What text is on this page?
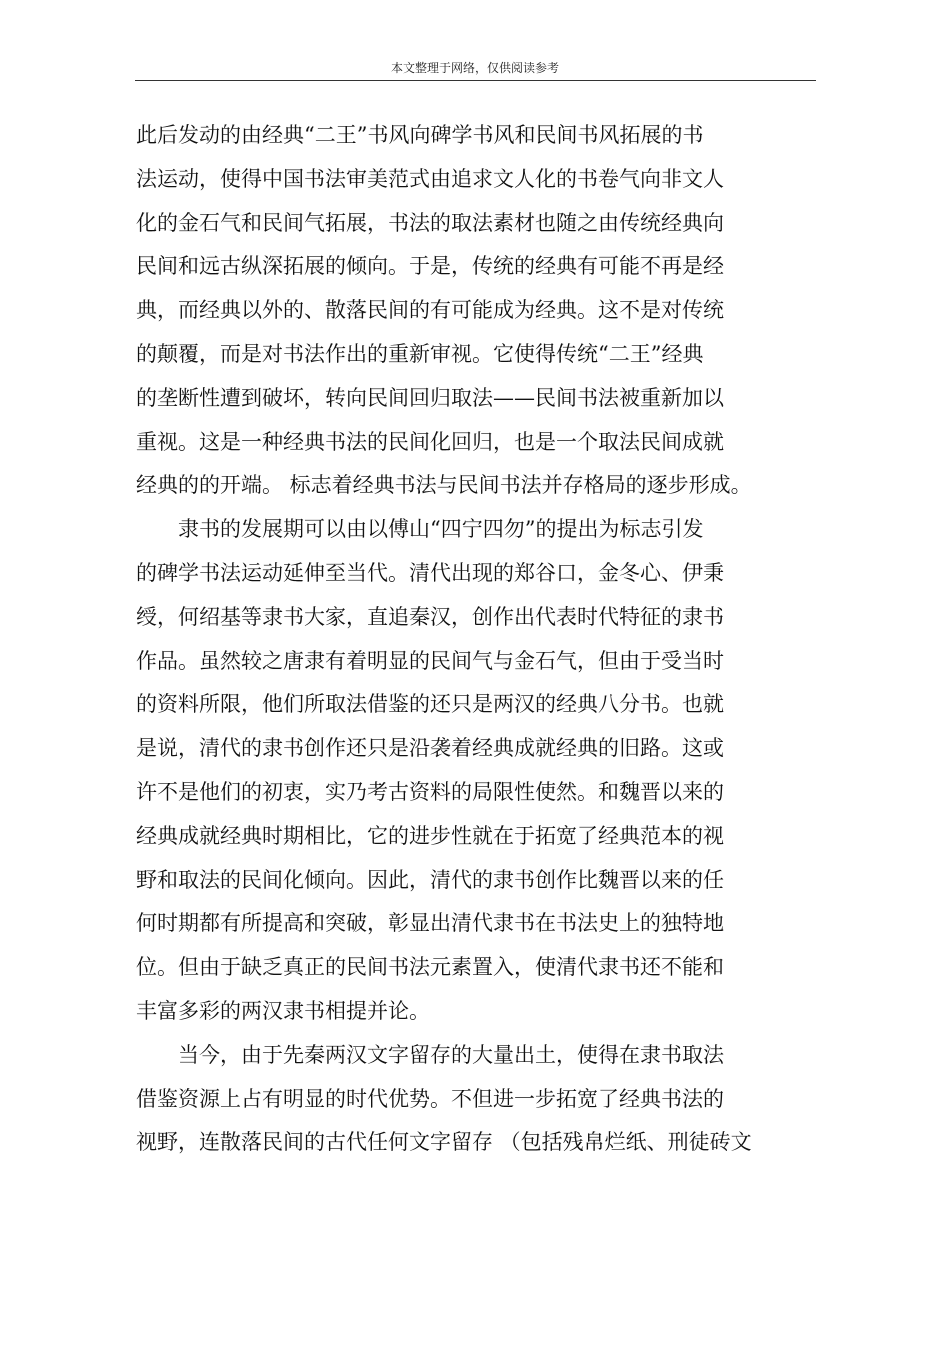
本文整理于网络，仅供阅读参考
此后发动的由经典“二王”书风向碑学书风和民间书风拓展的书
法运动，使得中国书法审美范式由追求文人化的书卷气向非文人
化的金石气和民间气拓展，书法的取法素材也随之由传统经典向
民间和远古纵深拓展的倾向。于是，传统的经典有可能不再是经
典，而经典以外的、散落民间的有可能成为经典。这不是对传统
的颠覆，而是对书法作出的重新审视。它使得传统“二王”经典
的垄断性遭到破坏，转向民间回归取法——民间书法被重新加以
重视。这是一种经典书法的民间化回归，也是一个取法民间成就
经典的的开端。 标志着经典书法与民间书法并存格局的逐步形成。
隶书的发展期可以由以傅山“四宁四勿”的提出为标志引发
的碑学书法运动延伸至当代。清代出现的郑谷口，金冬心、伊秉
绶，何绍基等隶书大家，直追秦汉，创作出代表时代特征的隶书
作品。虽然较之唐隶有着明显的民间气与金石气，但由于受当时
的资料所限，他们所取法借鉴的还只是两汉的经典八分书。也就
是说，清代的隶书创作还只是沿袭着经典成就经典的旧路。这或
许不是他们的初衷，实乃考古资料的局限性使然。和魏晋以来的
经典成就经典时期相比，它的进步性就在于拓宽了经典范本的视
野和取法的民间化倾向。因此，清代的隶书创作比魏晋以来的任
何时期都有所提高和突破，彰显出清代隶书在书法史上的独特地
位。但由于缺乏真正的民间书法元素置入，使清代隶书还不能和
丰富多彩的两汉隶书相提并论。
当今，由于先秦两汉文字留存的大量出土，使得在隶书取法
借鉴资源上占有明显的时代优势。不但进一步拓宽了经典书法的
视野，连散落民间的古代任何文字留存 （包括残帛烂纸、刑徒砖文
